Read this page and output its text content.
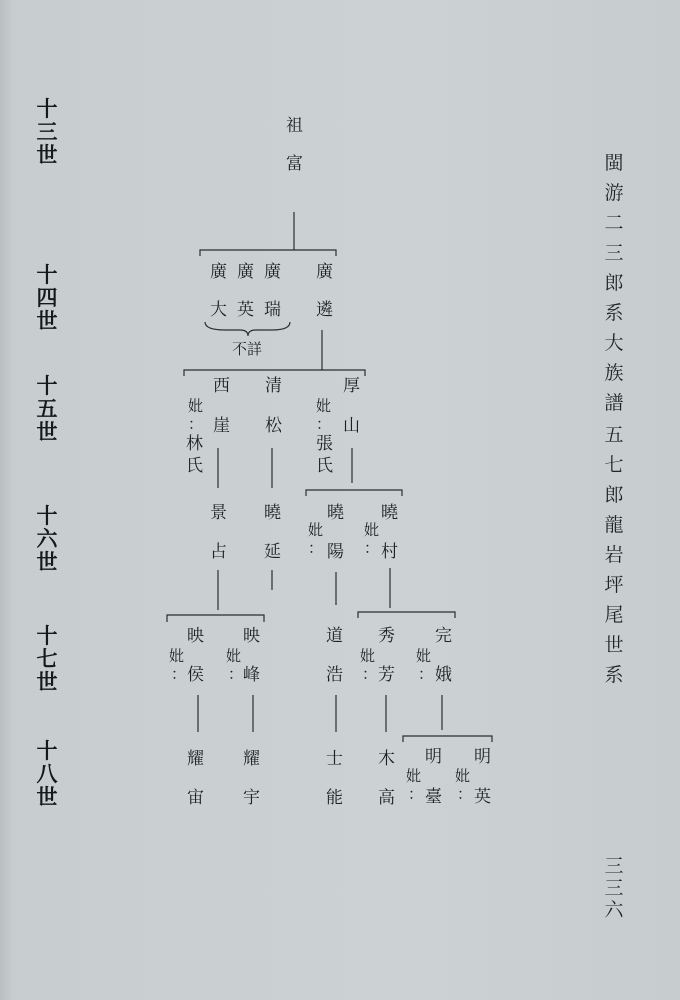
十三世
十四世
十五世
十六世
十七世
十八世
閩游二三郎系大族譜
五七郎龍岩坪尾世系
三三六
祖
富
廣 廣 廣 廣
大 英 瑞 遴
不詳
西 清	厚
妣	妣
：	：
崖 松	山
林
氏
張
氏
景 曉	曉 曉
妣	妣
：	：
占 延	陽 村
映 映	道 秀 完
妣	妣	妣	妣
：	：	：	：
侯 峰	浩 芳 娥
耀 耀	士 木 明 明
妣 妣
： ：
宙 宇	能 高 臺 英
